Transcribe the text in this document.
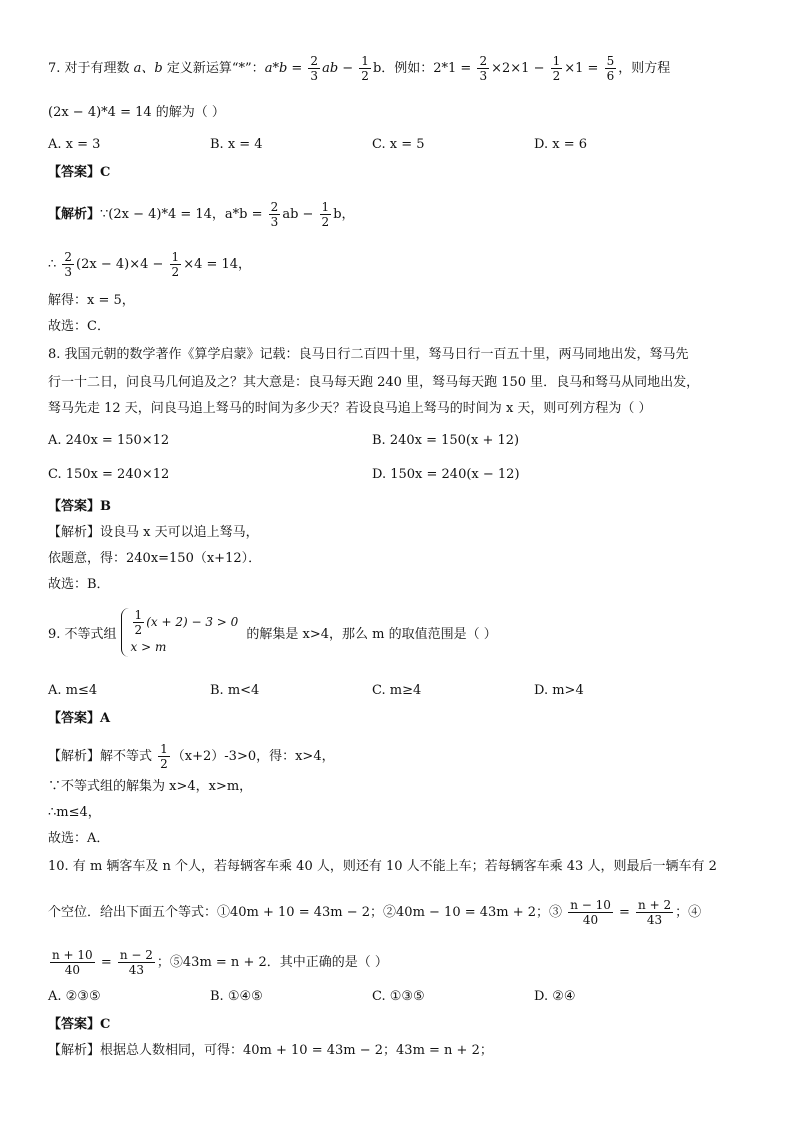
7. 对于有理数 a、b 定义新运算“*”：$a*b = \frac{2}{3}$ ab − $\frac{1}{2}$ b．例如：$2*1 = \frac{2}{3} \times 2\times 1 - \frac{1}{2} \times 1 = \frac{5}{6}$ ，则方程
(2x − 4)*4 = 14 的解为（ ）
A. x = 3	B. x = 4	C. x = 5	D. x = 6
【答案】C
【解析】∵(2x − 4)*4 = 14，$a*b = \frac{2}{3}$ ab − $\frac{1}{2}$ b，
∴ $\frac{2}{3} (2x - 4)\times 4 - \frac{1}{2} \times 4 = 14$，
解得：x = 5，
故选：C．
8. 我国元朝的数学著作《算学启蒙》记载：良马日行二百四十里，驽马日行一百五十里，两马同地出发，驽马先
行一十二日，问良马几何追及之？其大意是：良马每天跑 240 里，驽马每天跑 150 里．良马和驽马从同地出发，
驽马先走 12 天，问良马追上驽马的时间为多少天？若设良马追上驽马的时间为 x 天，则可列方程为（ ）
A. 240x = 150×12	B. 240x = 150(x + 12)
C. 150x = 240×12	D. 150x = 240(x − 12)
【答案】B
【解析】设良马 x 天可以追上驽马，
依题意，得：240x=150（x+12）．
故选：B．
9. 不等式组 $\frac{1}{2} (x + 2) - 3 > 0$
x > m
的解集是 x>4，那么 m 的取值范围是（ ）
A. m≤4	B. m<4	C. m≥4	D. m>4
【答案】A
【解析】解不等式 $\frac{1}{2} (x+2)-3>0$，得：x>4，
∵不等式组的解集为 x>4，x>m，
∴m≤4，
故选：A．
10. 有 m 辆客车及 n 个人，若每辆客车乘 40 人，则还有 10 人不能上车；若每辆客车乘 43 人，则最后一辆车有 2
个空位．给出下面五个等式：①40m + 10 = 43m − 2；②40m − 10 = 43m + 2；③ $\frac{n - 10}{40} = \frac{n + 2}{43}$ ；④
$\frac{n + 10}{40} = \frac{n - 2}{43}$ ；⑤43m = n + 2．其中正确的是（ ）
A. ②③⑤	B. ①④⑤	C. ①③⑤	D. ②④
【答案】C
【解析】根据总人数相同，可得：40m + 10 = 43m − 2；43m = n + 2；
